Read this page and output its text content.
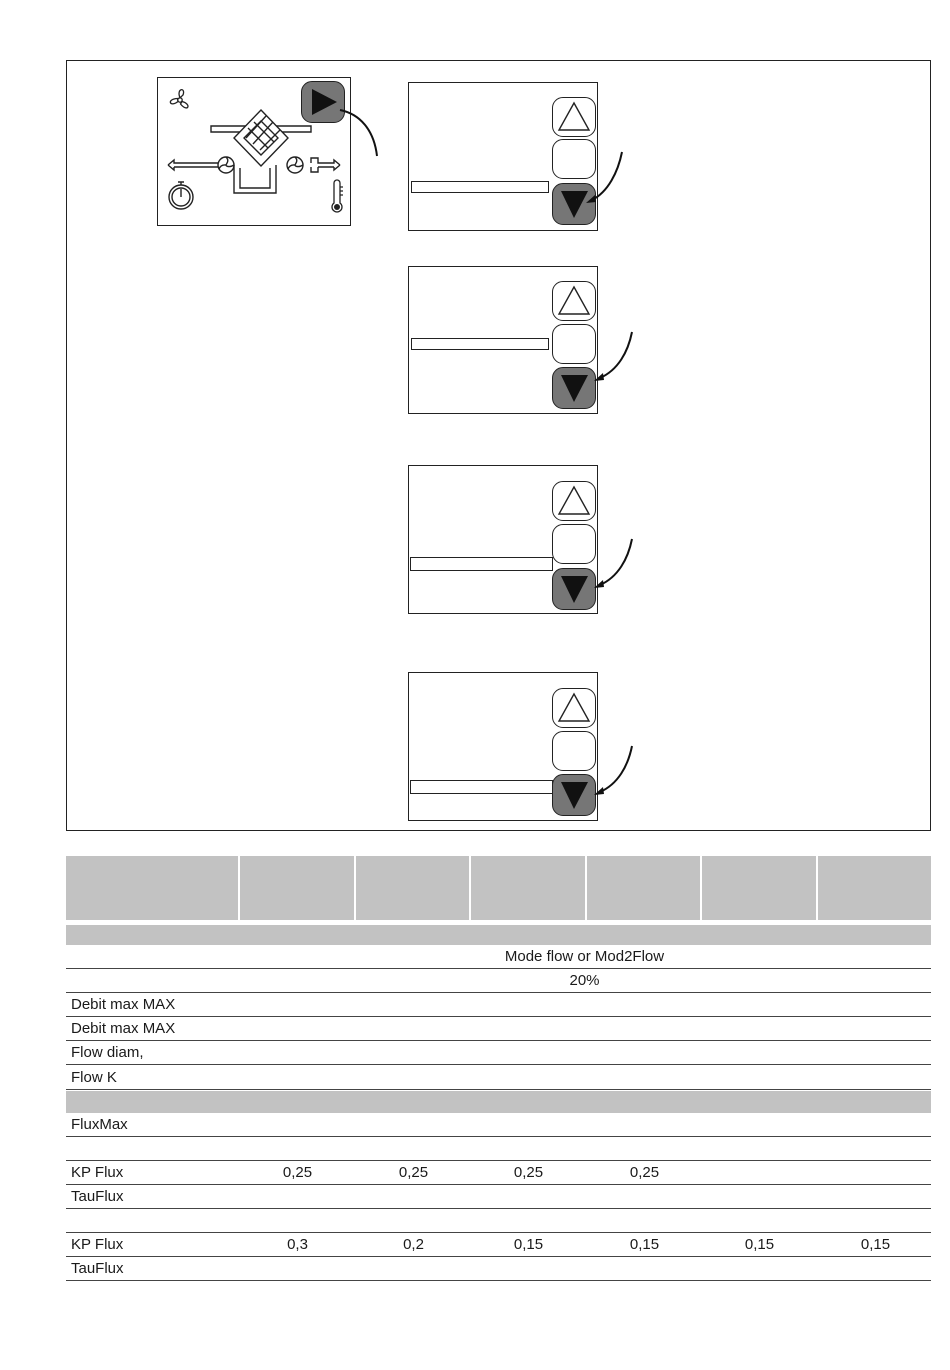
Mode flow or Mod2Flow
20%
Debit max MAX
Debit max MAX
Flow diam,
Flow K
FluxMax
KP Flux	0,25	0,25	0,25	0,25
TauFlux
KP Flux	0,3	0,2	0,15	0,15	0,15	0,15
TauFlux
